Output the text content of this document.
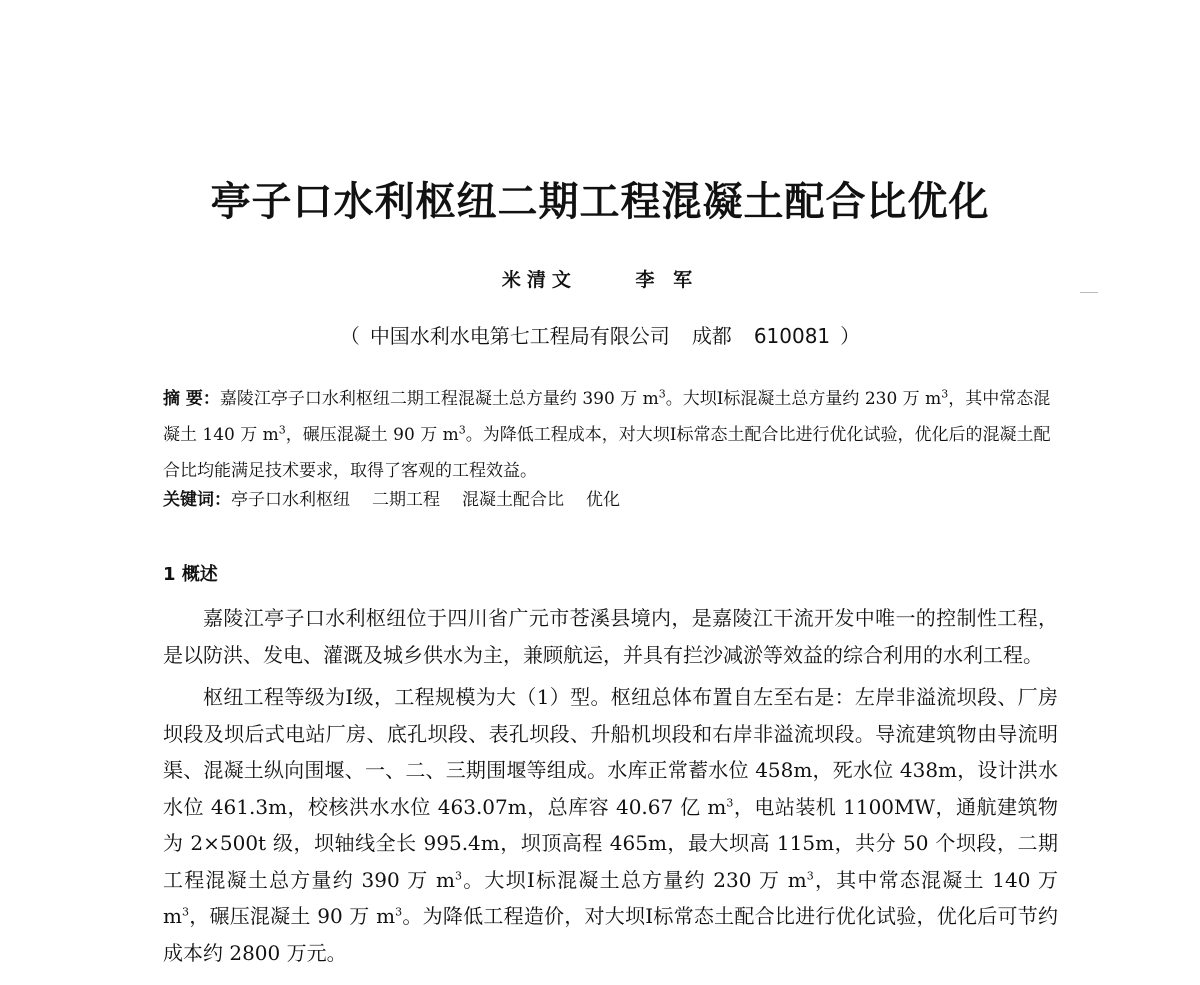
亭子口水利枢纽二期工程混凝土配合比优化
米清文	李 军
（ 中国水利水电第七工程局有限公司 成都 610081 ）
摘 要：嘉陵江亭子口水利枢纽二期工程混凝土总方量约 390 万 $m^3$。大坝Ⅰ标混凝土总方量约 230 万 $m^3$，其中常态混凝土 140 万 $m^3$，碾压混凝土 90 万 $m^3$。为降低工程成本，对大坝Ⅰ标常态土配合比进行优化试验，优化后的混凝土配合比均能满足技术要求，取得了客观的工程效益。
关键词：亭子口水利枢纽 二期工程 混凝土配合比 优化
1 概述

嘉陵江亭子口水利枢纽位于四川省广元市苍溪县境内，是嘉陵江干流开发中唯一的控制性工程，是以防洪、发电、灌溉及城乡供水为主，兼顾航运，并具有拦沙减淤等效益的综合利用的水利工程。

枢纽工程等级为Ⅰ级，工程规模为大（1）型。枢纽总体布置自左至右是：左岸非溢流坝段、厂房坝段及坝后式电站厂房、底孔坝段、表孔坝段、升船机坝段和右岸非溢流坝段。导流建筑物由导流明渠、混凝土纵向围堰、一、二、三期围堰等组成。水库正常蓄水位 458m，死水位 438m，设计洪水水位 461.3m，校核洪水水位 463.07m，总库容 40.67 亿 $m^3$，电站装机 1100MW，通航建筑物为 2×500t 级，坝轴线全长 995.4m，坝顶高程 465m，最大坝高 115m，共分 50 个坝段，二期工程混凝土总方量约 390 万 $m^3$。大坝Ⅰ标混凝土总方量约 230 万 $m^3$，其中常态混凝土 140 万 $m^3$，碾压混凝土 90 万 $m^3$。为降低工程造价，对大坝Ⅰ标常态土配合比进行优化试验，优化后可节约成本约 2800 万元。
